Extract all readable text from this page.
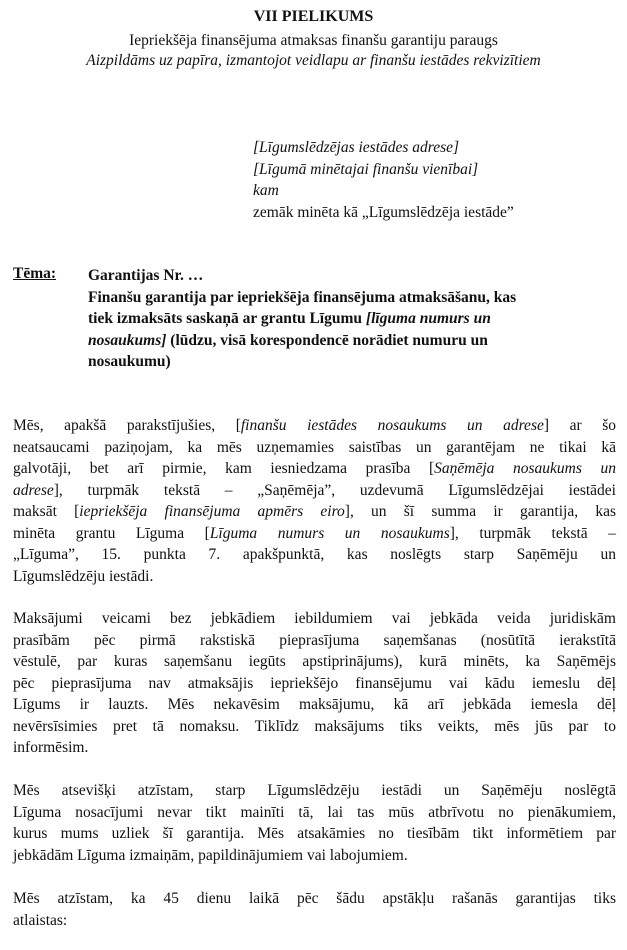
VII PIELIKUMS
Iepriekšēja finansējuma atmaksas finanšu garantiju paraugs
Aizpildāms uz papīra, izmantojot veidlapu ar finanšu iestādes rekvizītiem
[Līgumslēdzējas iestādes adrese]
[Līgumā minētajai finanšu vienībai]
kam
zemāk minēta kā „Līgumslēdzēja iestāde”
Tēma: Garantijas Nr. …
Finanšu garantija par iepriekšēja finansējuma atmaksāšanu, kas
tiek izmaksāts saskaņā ar grantu Līgumu [līguma numurs un
nosaukums] (lūdzu, visā korespondencē norādiet numuru un
nosaukumu)
Mēs, apakšā parakstījušies, [finanšu iestādes nosaukums un adrese] ar šo
neatsaucami paziņojam, ka mēs uzņemamies saistības un garantējam ne tikai kā
galvotāji, bet arī pirmie, kam iesniedzama prasība [Saņēmēja nosaukums un
adrese], turpmāk tekstā – „Saņēmēja”, uzdevumā Līgumslēdzējai iestādei
maksāt [iepriekšēja finansējuma apmērs eiro], un šī summa ir garantija, kas
minēta grantu Līguma [Līguma numurs un nosaukums], turpmāk tekstā –
„Līguma”, 15. punkta 7. apakšpunktā, kas noslēgts starp Saņēmēju un
Līgumslēdzēju iestādi.
Maksājumi veicami bez jebkādiem iebildumiem vai jebkāda veida juridiskām
prasībām pēc pirmā rakstiskā pieprasījuma saņemšanas (nosūtītā ierakstītā
vēstulē, par kuras saņemšanu iegūts apstiprinājums), kurā minēts, ka Saņēmējs
pēc pieprasījuma nav atmaksājis iepriekšējo finansējumu vai kādu iemeslu dēļ
Līgums ir lauzts. Mēs nekavēsim maksājumu, kā arī jebkāda iemesla dēļ
nevērsīsimies pret tā nomaksu. Tiklīdz maksājums tiks veikts, mēs jūs par to
informēsim.
Mēs atsevišķi atzīstam, starp Līgumslēdzēju iestādi un Saņēmēju noslēgtā
Līguma nosacījumi nevar tikt mainīti tā, lai tas mūs atbrīvotu no pienākumiem,
kurus mums uzliek šī garantija. Mēs atsakāmies no tiesībām tikt informētiem par
jebkādām Līguma izmaiņām, papildinājumiem vai labojumiem.
Mēs atzīstam, ka 45 dienu laikā pēc šādu apstākļu rašanās garantijas tiks
atlaistas:
